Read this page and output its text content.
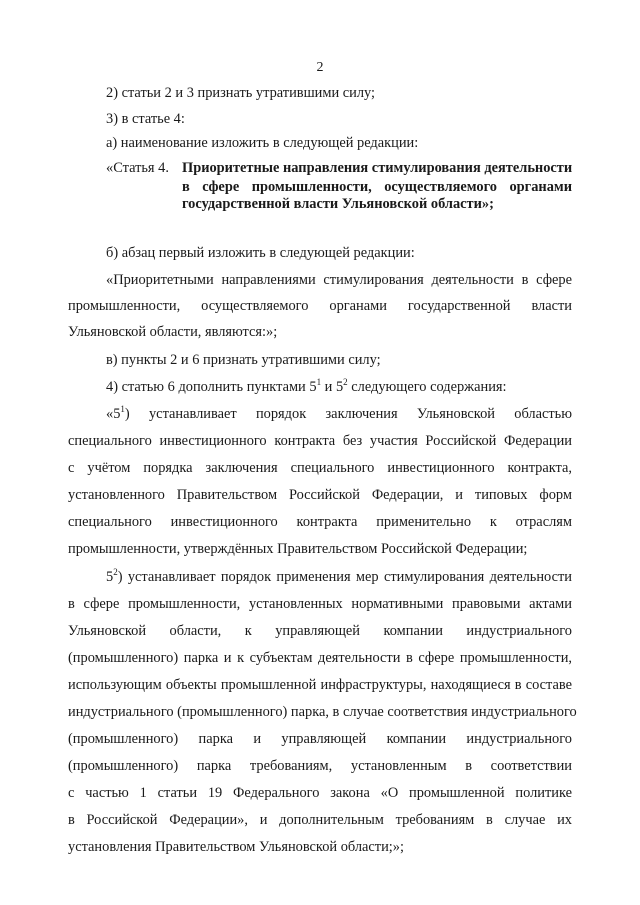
2
2) статьи 2 и 3 признать утратившими силу;
3) в статье 4:
а) наименование изложить в следующей редакции:
«Статья 4. Приоритетные направления стимулирования деятельности
в сфере промышленности, осуществляемого органами
государственной власти Ульяновской области»;
б) абзац первый изложить в следующей редакции:
«Приоритетными направлениями стимулирования деятельности в сфере
промышленности, осуществляемого органами государственной власти
Ульяновской области, являются:»;
в) пункты 2 и 6 признать утратившими силу;
4) статью 6 дополнить пунктами $5^1$ и $5^2$ следующего содержания:
«$5^1$) устанавливает порядок заключения Ульяновской областью
специального инвестиционного контракта без участия Российской Федерации
с учётом порядка заключения специального инвестиционного контракта,
установленного Правительством Российской Федерации, и типовых форм
специального инвестиционного контракта применительно к отраслям
промышленности, утверждённых Правительством Российской Федерации;
$5^2$) устанавливает порядок применения мер стимулирования деятельности
в сфере промышленности, установленных нормативными правовыми актами
Ульяновской области, к управляющей компании индустриального
(промышленного) парка и к субъектам деятельности в сфере промышленности,
использующим объекты промышленной инфраструктуры, находящиеся в составе
индустриального (промышленного) парка, в случае соответствия индустриального
(промышленного) парка и управляющей компании индустриального
(промышленного) парка требованиям, установленным в соответствии
с частью 1 статьи 19 Федерального закона «О промышленной политике
в Российской Федерации», и дополнительным требованиям в случае их
установления Правительством Ульяновской области;»;
